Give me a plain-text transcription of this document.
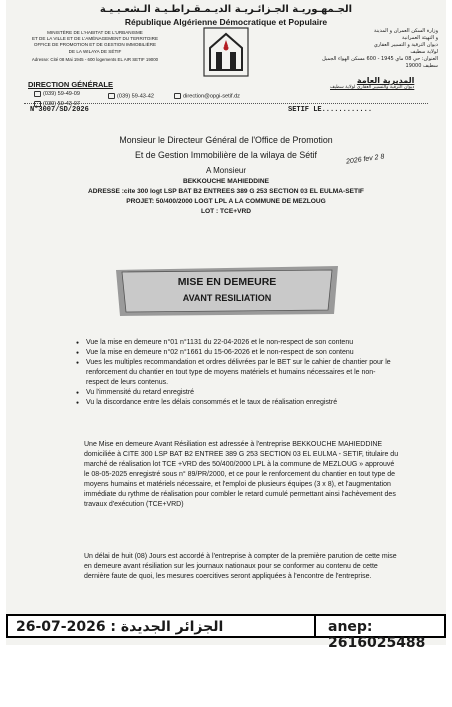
الجـمهـوريـة الجـزائـريـة الديـمـقـراطـيـة الـشعـبـيـة
République Algérienne Démocratique et Populaire
MINISTÈRE DE L'HABITAT DE L'URBANISME
ET DE LA VILLE ET DE L'AMÉNAGEMENT DU TERRITOIRE
OFFICE DE PROMOTION ET DE GESTION IMMOBILIÈRE
DE LA WILAYA DE SÉTIF
Adresse: Cité 08 Mai 1945 - 600 logements EL AIR SETIF 19000
وزارة السكن العمران و المدينة
و التهيئة العمرانية
ديوان الترقية و التسيير العقاري
لولاية سطيف
العنوان: حي 08 ماي 1945 - 600 مسكن الهواء الجميل
سطيف 19000
DIRECTION GÉNÉRALE	المديرية العامة
ديوان الترقية والتسيير العقاري لولاية سطيف
(039) 59-49-09
(039) 59-43-07
(039) 59-43-42	direction@opgi-setif.dz
N°3007/SD/2026	SETIF LE............
Monsieur le Directeur Général de l'Office de Promotion
Et de Gestion Immobilière de la wilaya de Sétif
A Monsieur
BEKKOUCHE MAHIEDDINE
ADRESSE :cite 300 logt LSP BAT B2 ENTREES 389 G 253 SECTION 03 EL EULMA-SETIF
PROJET: 50/400/2000 LOGT LPL A LA COMMUNE DE MEZLOUG
LOT : TCE+VRD
2026 fev 2 8
MISE EN DEMEURE
AVANT RESILIATION
● Vue la mise en demeure n°01 n°1131 du 22-04-2026 et le non-respect de son contenu
● Vue la mise en demeure n°02 n°1661 du 15-06-2026 et le non-respect de son contenu
● Vues les multiples recommandation et ordres délivrées par le BET sur le cahier de chantier pour le renforcement du chantier en tout type de moyens matériels et humains nécessaires et le non-respect de leurs contenus.
● Vu l'immensité du retard enregistré
● Vu la discordance entre les délais consommés et le taux de réalisation enregistré
Une Mise en demeure Avant Résiliation est adressée à l'entreprise BEKKOUCHE MAHIEDDINE domiciliée à CITE 300 LSP BAT B2 ENTREE 389 G 253 SECTION 03 EL EULMA - SETIF, titulaire du marché de réalisation lot TCE +VRD des 50/400/2000 LPL à la commune de MEZLOUG » approuvé le 08-05-2025 enregistré sous n° 89/PR/2000, et ce pour le renforcement du chantier en tout type de moyens humains et matériels nécessaire, et l'emploi de plusieurs équipes (3 x 8), et l'augmentation immédiate du rythme de réalisation pour combler le retard cumulé permettant ainsi l'achèvement des travaux d'exécution (TCE+VRD)
Un délai de huit (08) Jours est accordé à l'entreprise à compter de la première parution de cette mise en demeure avant résiliation sur les journaux nationaux pour se conformer au contenu de cette dernière faute de quoi, les mesures coercitives seront appliquées à l'encontre de l'entreprise.
الجزائر الجديدة : 2026-07-26	anep: 2616025488
